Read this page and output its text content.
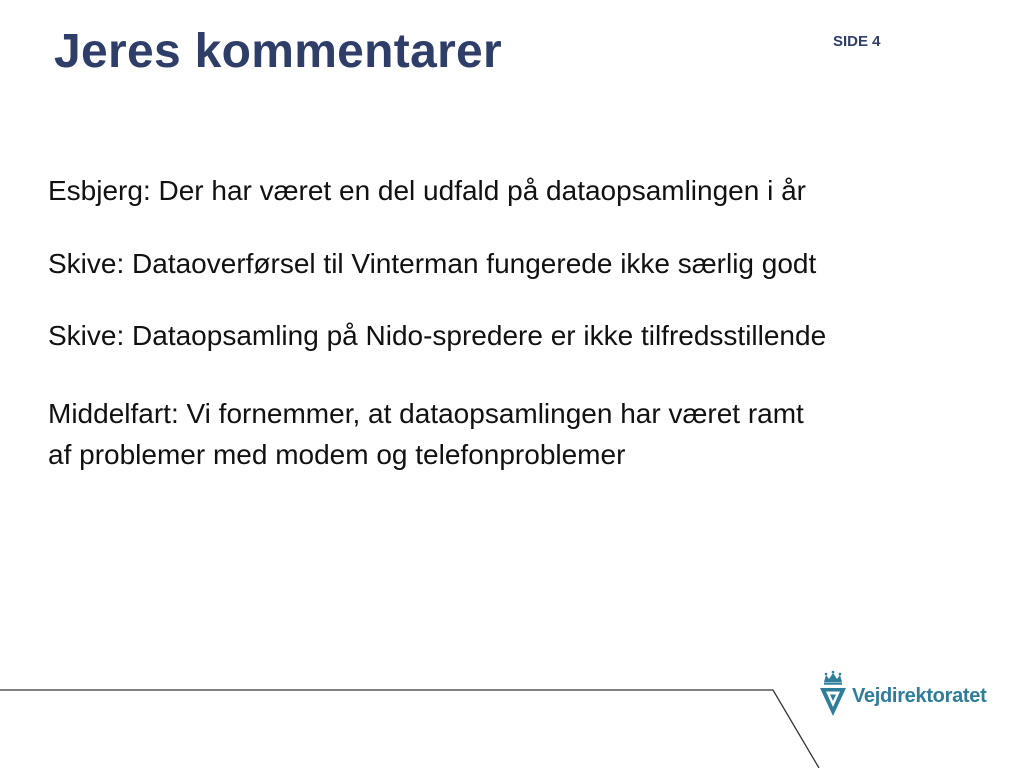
Jeres kommentarer	SIDE 4

Esbjerg: Der har været en del udfald på dataopsamlingen i år

Skive: Dataoverførsel til Vinterman fungerede ikke særlig godt

Skive: Dataopsamling på Nido-spredere er ikke tilfredsstillende

Middelfart: Vi fornemmer, at dataopsamlingen har været ramt
af problemer med modem og telefonproblemer

Vejdirektoratet
